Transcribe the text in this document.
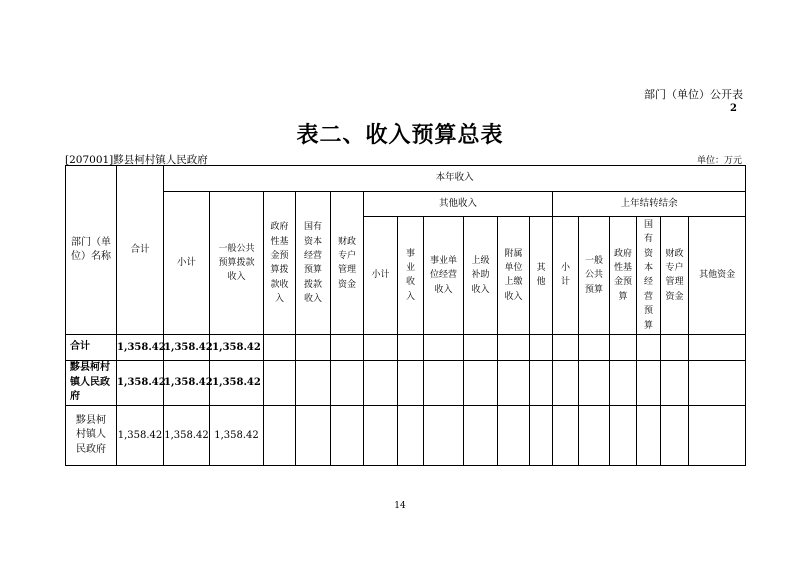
部门（单位）公开表
2
表二、收入预算总表
[207001]黟县柯村镇人民政府	单位：万元
部门（单位）名称	合计	本年收入																
		小计	一般公共预算拨款收入	政府性基金预算拨款收入	国有资本经营预算拨款收入	财政专户管理资金	其他收入						上年结转结余					
							小计	事业收入	事业单位经营收入	上级补助收入	附属单位上缴收入	其他	小计	一般公共预算	政府性基金预算	国有资本经营预算	财政专户管理资金	其他资金
合计	1,358.42	1,358.42	1,358.42															
黟县柯村镇人民政府	1,358.42	1,358.42	1,358.42															
黟县柯村镇人民政府	1,358.42	1,358.42	1,358.42															
14
